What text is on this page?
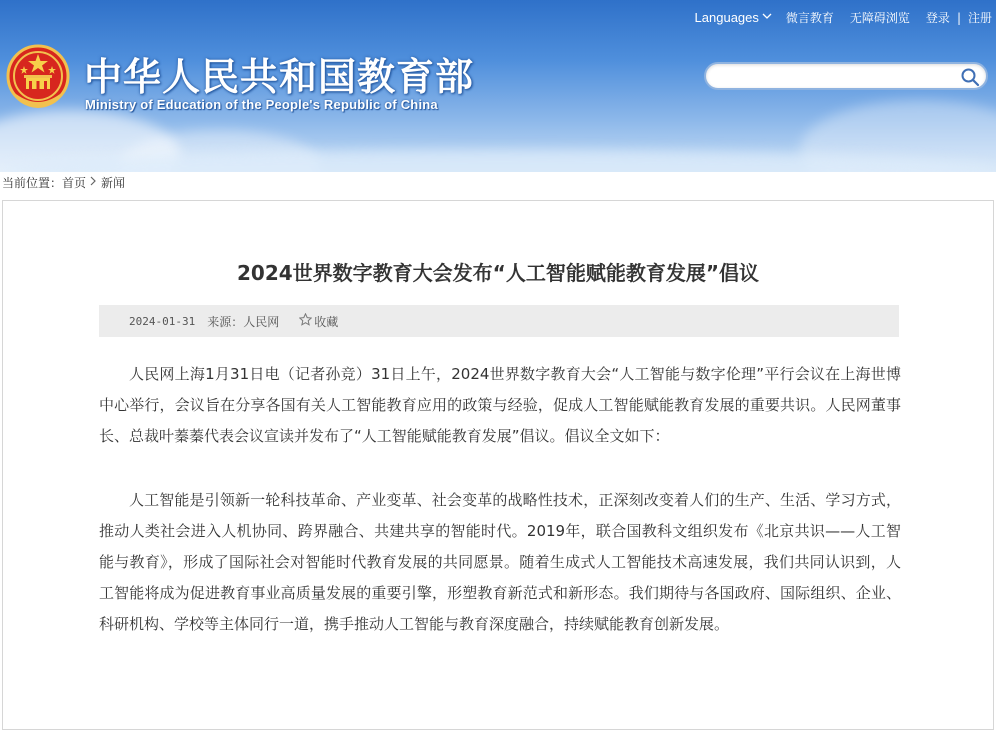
中华人民共和国教育部
Ministry of Education of the People's Republic of China
Languages 微言教育 无障碍浏览 登录 | 注册
当前位置： 首页 新闻
2024世界数字教育大会发布“人工智能赋能教育发展”倡议
2024-01-31 来源：人民网	收藏

人民网上海1月31日电（记者孙竞）31日上午，2024世界数字教育大会“人工智能与数字伦理”平行会议在上海世博中心举行，会议旨在分享各国有关人工智能教育应用的政策与经验，促成人工智能赋能教育发展的重要共识。人民网董事长、总裁叶蓁蓁代表会议宣读并发布了“人工智能赋能教育发展”倡议。倡议全文如下：

人工智能是引领新一轮科技革命、产业变革、社会变革的战略性技术，正深刻改变着人们的生产、生活、学习方式，推动人类社会进入人机协同、跨界融合、共建共享的智能时代。2019年，联合国教科文组织发布《北京共识——人工智能与教育》，形成了国际社会对智能时代教育发展的共同愿景。随着生成式人工智能技术高速发展，我们共同认识到，人工智能将成为促进教育事业高质量发展的重要引擎，形塑教育新范式和新形态。我们期待与各国政府、国际组织、企业、科研机构、学校等主体同行一道，携手推动人工智能与教育深度融合，持续赋能教育创新发展。
